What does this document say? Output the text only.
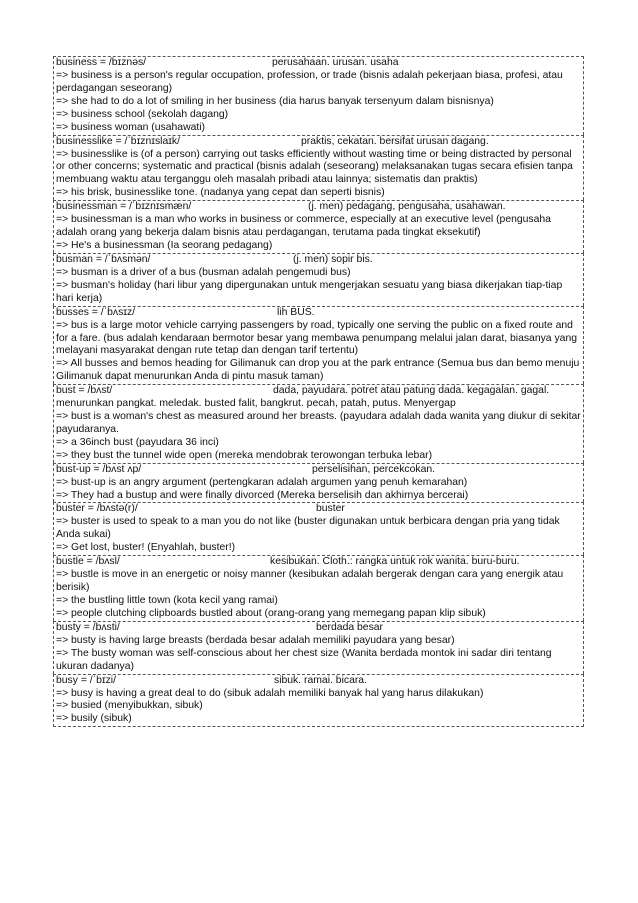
business = /bɪznəs/	perusahaan. urusan. usaha
=> business is a person's regular occupation, profession, or trade (bisnis adalah pekerjaan biasa, profesi, atau perdagangan seseorang)
=> she had to do a lot of smiling in her business (dia harus banyak tersenyum dalam bisnisnya)
=> business school (sekolah dagang)
=> business woman (usahawati)
businesslike = /ˈbɪznɪslaɪk/	praktis, cekatan. bersifat urusan dagang.
=> businesslike is (of a person) carrying out tasks efficiently without wasting time or being distracted by personal or other concerns; systematic and practical (bisnis adalah (seseorang) melaksanakan tugas secara efisien tanpa membuang waktu atau terganggu oleh masalah pribadi atau lainnya; sistematis dan praktis)
=> his brisk, businesslike tone. (nadanya yang cepat dan seperti bisnis)
businessman = /ˈbɪznɪsmæn/	(j. men) pedagang, pengusaha, usahawan.
=> businessman is a man who works in business or commerce, especially at an executive level (pengusaha adalah orang yang bekerja dalam bisnis atau perdagangan, terutama pada tingkat eksekutif)
=> He's a businessman (Ia seorang pedagang)
busman = /ˈbʌsmən/	(j. men) sopir bis.
=> busman is a driver of a bus (busman adalah pengemudi bus)
=> busman's holiday (hari libur yang dipergunakan untuk mengerjakan sesuatu yang biasa dikerjakan tiap-tiap hari kerja)
busses = /ˈbʌsɪz/	lih BUS.
=> bus is a large motor vehicle carrying passengers by road, typically one serving the public on a fixed route and for a fare. (bus adalah kendaraan bermotor besar yang membawa penumpang melalui jalan darat, biasanya yang melayani masyarakat dengan rute tetap dan dengan tarif tertentu)
=> All busses and bemos heading for Gilimanuk can drop you at the park entrance (Semua bus dan bemo menuju Gilimanuk dapat menurunkan Anda di pintu masuk taman)
bust = /bʌst/	dada, payudara. potret atau patung dada. kegagalan. gagal.
menurunkan pangkat. meledak. busted falit, bangkrut. pecah, patah, putus. Menyergap
=> bust is a woman's chest as measured around her breasts. (payudara adalah dada wanita yang diukur di sekitar payudaranya.
=> a 36inch bust (payudara 36 inci)
=> they bust the tunnel wide open (mereka mendobrak terowongan terbuka lebar)
bust-up = /bʌst ʌp/	perselisihan, percekcokan.
=> bust-up is an angry argument (pertengkaran adalah argumen yang penuh kemarahan)
=> They had a bustup and were finally divorced (Mereka berselisih dan akhirnya bercerai)
buster = /bʌstə(r)/	buster
=> buster is used to speak to a man you do not like (buster digunakan untuk berbicara dengan pria yang tidak Anda sukai)
=> Get lost, buster! (Enyahlah, buster!)
bustle = /bʌsl/	kesibukan. Cloth.: rangka untuk rok wanita. buru-buru.
=> bustle is move in an energetic or noisy manner (kesibukan adalah bergerak dengan cara yang energik atau berisik)
=> the bustling little town (kota kecil yang ramai)
=> people clutching clipboards bustled about (orang-orang yang memegang papan klip sibuk)
busty = /bʌsti/	berdada besar
=> busty is having large breasts (berdada besar adalah memiliki payudara yang besar)
=> The busty woman was self-conscious about her chest size (Wanita berdada montok ini sadar diri tentang ukuran dadanya)
busy = /ˈbɪzi/	sibuk. ramai. bicara.
=> busy is having a great deal to do (sibuk adalah memiliki banyak hal yang harus dilakukan)
=> busied (menyibukkan, sibuk)
=> busily (sibuk)
